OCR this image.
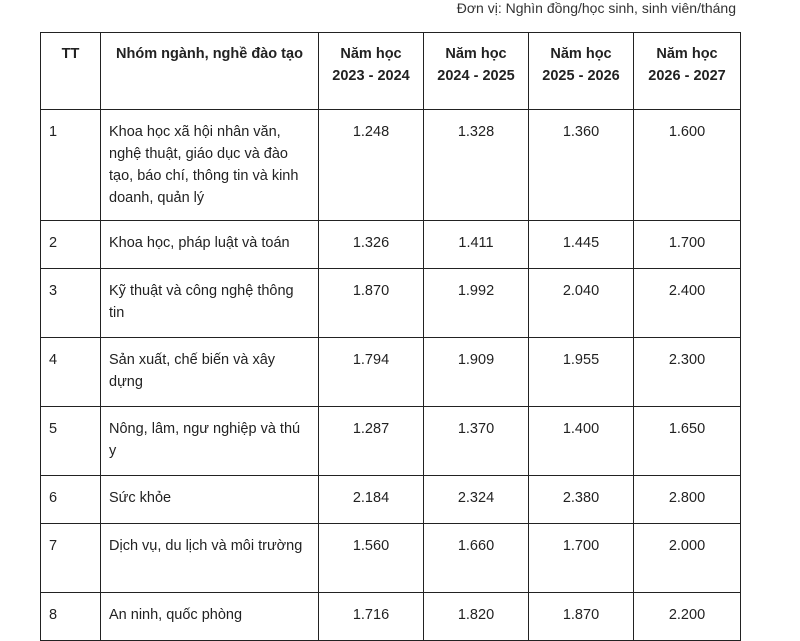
Đơn vị: Nghìn đồng/học sinh, sinh viên/tháng
TT	Nhóm ngành, nghề đào tạo	Năm học 2023 - 2024	Năm học 2024 - 2025	Năm học 2025 - 2026	Năm học 2026 - 2027
1	Khoa học xã hội nhân văn, nghệ thuật, giáo dục và đào tạo, báo chí, thông tin và kinh doanh, quản lý	1.248	1.328	1.360	1.600
2	Khoa học, pháp luật và toán	1.326	1.411	1.445	1.700
3	Kỹ thuật và công nghệ thông tin	1.870	1.992	2.040	2.400
4	Sản xuất, chế biến và xây dựng	1.794	1.909	1.955	2.300
5	Nông, lâm, ngư nghiệp và thú y	1.287	1.370	1.400	1.650
6	Sức khỏe	2.184	2.324	2.380	2.800
7	Dịch vụ, du lịch và môi trường	1.560	1.660	1.700	2.000
8	An ninh, quốc phòng	1.716	1.820	1.870	2.200
